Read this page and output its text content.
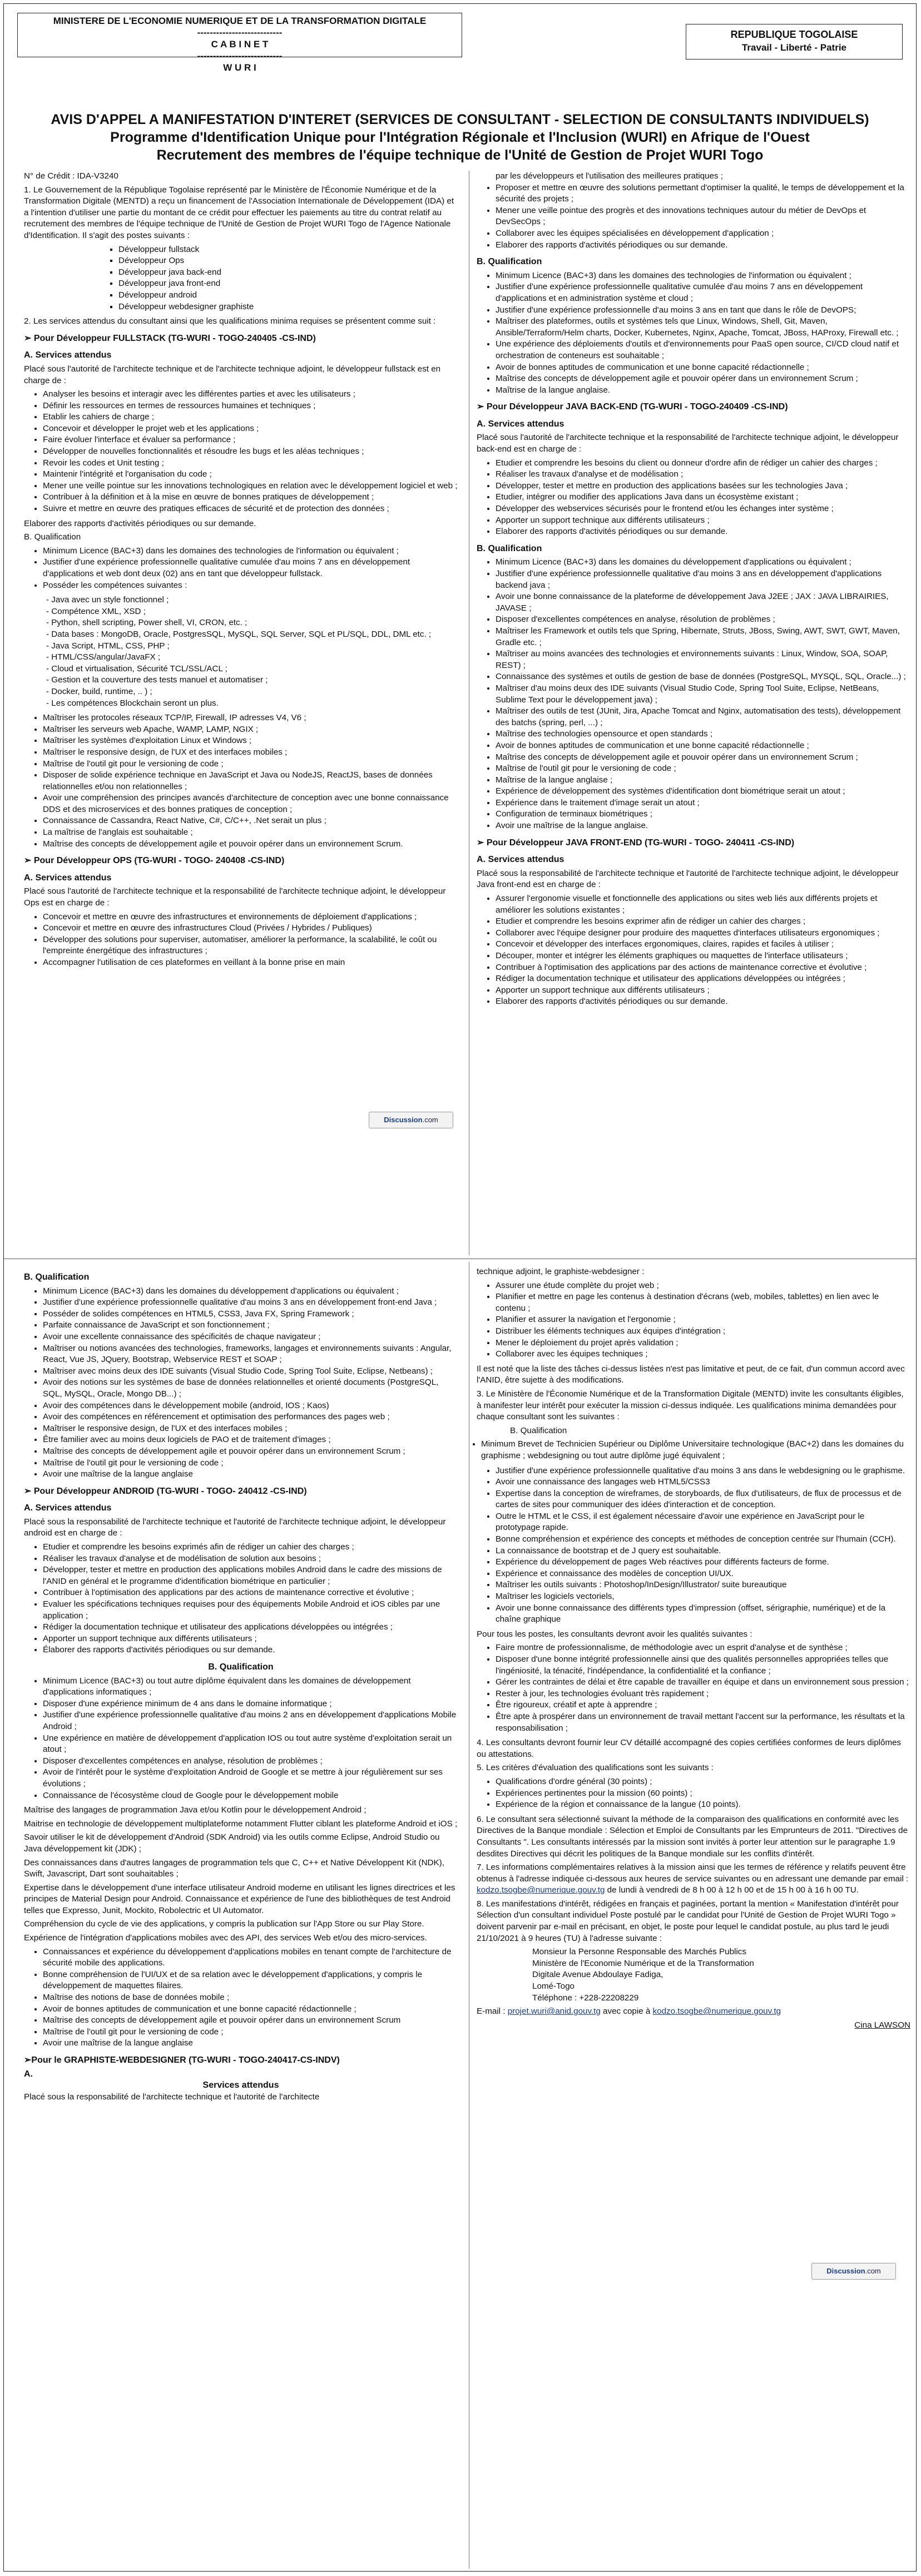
MINISTERE DE L'ECONOMIE NUMERIQUE ET DE LA TRANSFORMATION DIGITALE
---------------------------
C A B I N E T
---------------------------
W U R I
REPUBLIQUE TOGOLAISE
Travail - Liberté - Patrie
AVIS D'APPEL A MANIFESTATION D'INTERET (SERVICES DE CONSULTANT - SELECTION DE CONSULTANTS INDIVIDUELS)
Programme d'Identification Unique pour l'Intégration Régionale et l'Inclusion (WURI) en Afrique de l'Ouest
Recrutement des membres de l'équipe technique de l'Unité de Gestion de Projet WURI Togo

N° de Crédit : IDA-V3240

1. Le Gouvernement de la République Togolaise représenté par le Ministère de l'Économie Numérique et de la Transformation Digitale (MENTD) a reçu un financement de l'Association Internationale de Développement (IDA) et a l'intention d'utiliser une partie du montant de ce crédit pour effectuer les paiements au titre du contrat relatif au recrutement des membres de l'équipe technique de l'Unité de Gestion de Projet WURI Togo de l'Agence Nationale d'Identification. Il s'agit des postes suivants :

▪ Développeur fullstack
▪ Développeur Ops
▪ Développeur java back-end
▪ Développeur java front-end
▪ Développeur android
▪ Développeur webdesigner graphiste

2. Les services attendus du consultant ainsi que les qualifications minima requises se présentent comme suit :

➢ Pour Développeur FULLSTACK (TG-WURI - TOGO-240405 -CS-IND)
A. Services attendus

Placé sous l'autorité de l'architecte technique et de l'architecte technique adjoint, le développeur fullstack est en charge de :

• Analyser les besoins et interagir avec les différentes parties et avec les utilisateurs ;
• Définir les ressources en termes de ressources humaines et techniques ;
• Etablir les cahiers de charge ;
• Concevoir et développer le projet web et les applications ;
• Faire évoluer l'interface et évaluer sa performance ;
• Développer de nouvelles fonctionnalités et résoudre les bugs et les aléas techniques ;
• Revoir les codes et Unit testing ;
• Maintenir l'intégrité et l'organisation du code ;
• Mener une veille pointue sur les innovations technologiques en relation avec le développement logiciel et web ;
• Contribuer à la définition et à la mise en œuvre de bonnes pratiques de développement ;
• Suivre et mettre en œuvre des pratiques efficaces de sécurité et de protection des données ;

Elaborer des rapports d'activités périodiques ou sur demande.

B. Qualification

• Minimum Licence (BAC+3) dans les domaines des technologies de l'information ou équivalent ;
• Justifier d'une expérience professionnelle qualitative cumulée d'au moins 7 ans en développement d'applications et web dont deux (02) ans en tant que développeur fullstack.
• Posséder les compétences suivantes :
- Java avec un style fonctionnel ;
- Compétence XML, XSD ;
- Python, shell scripting, Power shell, VI, CRON, etc. ;
- Data bases : MongoDB, Oracle, PostgresSQL, MySQL, SQL Server, SQL et PL/SQL, DDL, DML etc. ;
- Java Script, HTML, CSS, PHP ;
- HTML/CSS/angular/JavaFX ;
- Cloud et virtualisation, Sécurité TCL/SSL/ACL ;
- Gestion et la couverture des tests manuel et automatiser ;
- Docker, build, runtime, .. ) ;
- Les compétences Blockchain seront un plus.
• Maîtriser les protocoles réseaux TCP/IP, Firewall, IP adresses V4, V6 ;
• Maîtriser les serveurs web Apache, WAMP, LAMP, NGIX ;
• Maîtriser les systèmes d'exploitation Linux et Windows ;
• Maîtriser le responsive design, de l'UX et des interfaces mobiles ;
• Maîtrise de l'outil git pour le versioning de code ;
• Disposer de solide expérience technique en JavaScript et Java ou NodeJS, ReactJS, bases de données relationnelles et/ou non relationnelles ;
• Avoir une compréhension des principes avancés d'architecture de conception avec une bonne connaissance DDS et des microservices et des bonnes pratiques de conception ;
• Connaissance de Cassandra, React Native, C#, C/C++, .Net serait un plus ;
• La maîtrise de l'anglais est souhaitable ;
• Maîtrise des concepts de développement agile et pouvoir opérer dans un environnement Scrum.
➢ Pour Développeur OPS (TG-WURI - TOGO- 240408 -CS-IND)
A. Services attendus

Placé sous l'autorité de l'architecte technique et la responsabilité de l'architecte technique adjoint, le développeur Ops est en charge de :

• Concevoir et mettre en œuvre des infrastructures et environnements de déploiement d'applications ;
• Concevoir et mettre en œuvre des infrastructures Cloud (Privées / Hybrides / Publiques)
• Développer des solutions pour superviser, automatiser, améliorer la performance, la scalabilité, le coût ou l'empreinte énergétique des infrastructures ;
• Accompagner l'utilisation de ces plateformes en veillant à la bonne prise en main
Discussion.com
par les développeurs et l'utilisation des meilleures pratiques ;
• Proposer et mettre en œuvre des solutions permettant d'optimiser la qualité, le temps de développement et la sécurité des projets ;
• Mener une veille pointue des progrès et des innovations techniques autour du métier de DevOps et DevSecOps ;
• Collaborer avec les équipes spécialisées en développement d'application ;
• Elaborer des rapports d'activités périodiques ou sur demande.
B. Qualification
• Minimum Licence (BAC+3) dans les domaines des technologies de l'information ou équivalent ;
• Justifier d'une expérience professionnelle qualitative cumulée d'au moins 7 ans en développement d'applications et en administration système et cloud ;
• Justifier d'une expérience professionnelle d'au moins 3 ans en tant que dans le rôle de DevOPS;
• Maîtriser des plateformes, outils et systèmes tels que Linux, Windows, Shell, Git, Maven, Ansible/Terraform/Helm charts, Docker, Kubernetes, Nginx, Apache, Tomcat, JBoss, HAProxy, Firewall etc. ;
• Une expérience des déploiements d'outils et d'environnements pour PaaS open source, CI/CD cloud natif et orchestration de conteneurs est souhaitable ;
• Avoir de bonnes aptitudes de communication et une bonne capacité rédactionnelle ;
• Maîtrise des concepts de développement agile et pouvoir opérer dans un environnement Scrum ;
• Maîtrise de la langue anglaise.
➢ Pour Développeur JAVA BACK-END (TG-WURI - TOGO-240409 -CS-IND)
A. Services attendus

Placé sous l'autorité de l'architecte technique et la responsabilité de l'architecte technique adjoint, le développeur back-end est en charge de :

• Etudier et comprendre les besoins du client ou donneur d'ordre afin de rédiger un cahier des charges ;
• Réaliser les travaux d'analyse et de modélisation ;
• Développer, tester et mettre en production des applications basées sur les technologies Java ;
• Etudier, intégrer ou modifier des applications Java dans un écosystème existant ;
• Développer des webservices sécurisés pour le frontend et/ou les échanges inter système ;
• Apporter un support technique aux différents utilisateurs ;
• Elaborer des rapports d'activités périodiques ou sur demande.
B. Qualification
• Minimum Licence (BAC+3) dans les domaines du développement d'applications ou équivalent ;
• Justifier d'une expérience professionnelle qualitative d'au moins 3 ans en développement d'applications backend java ;
• Avoir une bonne connaissance de la plateforme de développement Java J2EE ; JAX : JAVA LIBRAIRIES, JAVASE ;
• Disposer d'excellentes compétences en analyse, résolution de problèmes ;
• Maîtriser les Framework et outils tels que Spring, Hibernate, Struts, JBoss, Swing, AWT, SWT, GWT, Maven, Gradle etc. ;
• Maîtriser au moins avancées des technologies et environnements suivants : Linux, Window, SOA, SOAP, REST) ;
• Connaissance des systèmes et outils de gestion de base de données (PostgreSQL, MYSQL, SQL, Oracle...) ;
• Maîtriser d'au moins deux des IDE suivants (Visual Studio Code, Spring Tool Suite, Eclipse, NetBeans, Sublime Text pour le développement java) ;
• Maîtriser des outils de test (JUnit, Jira, Apache Tomcat and Nginx, automatisation des tests), développement des batchs (spring, perl, ...) ;
• Maîtrise des technologies opensource et open standards ;
• Avoir de bonnes aptitudes de communication et une bonne capacité rédactionnelle ;
• Maîtrise des concepts de développement agile et pouvoir opérer dans un environnement Scrum ;
• Maîtrise de l'outil git pour le versioning de code ;
• Maîtrise de la langue anglaise ;
• Expérience de développement des systèmes d'identification dont biométrique serait un atout ;
• Expérience dans le traitement d'image serait un atout ;
• Configuration de terminaux biométriques ;
• Avoir une maîtrise de la langue anglaise.
➢ Pour Développeur JAVA FRONT-END (TG-WURI - TOGO- 240411 -CS-IND)
A. Services attendus

Placé sous la responsabilité de l'architecte technique et l'autorité de l'architecte technique adjoint, le développeur Java front-end est en charge de :

• Assurer l'ergonomie visuelle et fonctionnelle des applications ou sites web liés aux différents projets et améliorer les solutions existantes ;
• Etudier et comprendre les besoins exprimer afin de rédiger un cahier des charges ;
• Collaborer avec l'équipe designer pour produire des maquettes d'interfaces utilisateurs ergonomiques ;
• Concevoir et développer des interfaces ergonomiques, claires, rapides et faciles à utiliser ;
• Découper, monter et intégrer les éléments graphiques ou maquettes de l'interface utilisateurs ;
• Contribuer à l'optimisation des applications par des actions de maintenance corrective et évolutive ;
• Rédiger la documentation technique et utilisateur des applications développées ou intégrées ;
• Apporter un support technique aux différents utilisateurs ;
• Elaborer des rapports d'activités périodiques ou sur demande.
B. Qualification
• Minimum Licence (BAC+3) dans les domaines du développement d'applications ou équivalent ;
• Justifier d'une expérience professionnelle qualitative d'au moins 3 ans en développement front-end Java ;
• Posséder de solides compétences en HTML5, CSS3, Java FX, Spring Framework ;
• Parfaite connaissance de JavaScript et son fonctionnement ;
• Avoir une excellente connaissance des spécificités de chaque navigateur ;
• Maîtriser ou notions avancées des technologies, frameworks, langages et environnements suivants : Angular, React, Vue JS, JQuery, Bootstrap, Webservice REST et SOAP ;
• Maîtriser avec moins deux des IDE suivants (Visual Studio Code, Spring Tool Suite, Eclipse, Netbeans) ;
• Avoir des notions sur les systèmes de base de données relationnelles et orienté documents (PostgreSQL, SQL, MySQL, Oracle, Mongo DB...) ;
• Avoir des compétences dans le développement mobile (android, IOS ; Kaos)
• Avoir des compétences en référencement et optimisation des performances des pages web ;
• Maîtriser le responsive design, de l'UX et des interfaces mobiles ;
• Être familier avec au moins deux logiciels de PAO et de traitement d'images ;
• Maîtrise des concepts de développement agile et pouvoir opérer dans un environnement Scrum ;
• Maîtrise de l'outil git pour le versioning de code ;
• Avoir une maîtrise de la langue anglaise
➢ Pour Développeur ANDROID (TG-WURI - TOGO- 240412 -CS-IND)
A. Services attendus

Placé sous la responsabilité de l'architecte technique et l'autorité de l'architecte technique adjoint, le développeur android est en charge de :

• Etudier et comprendre les besoins exprimés afin de rédiger un cahier des charges ;
• Réaliser les travaux d'analyse et de modélisation de solution aux besoins ;
• Développer, tester et mettre en production des applications mobiles Android dans le cadre des missions de l'ANID en général et le programme d'identification biométrique en particulier ;
• Contribuer à l'optimisation des applications par des actions de maintenance corrective et évolutive ;
• Evaluer les spécifications techniques requises pour des équipements Mobile Android et iOS cibles par une application ;
• Rédiger la documentation technique et utilisateur des applications développées ou intégrées ;
• Apporter un support technique aux différents utilisateurs ;
• Élaborer des rapports d'activités périodiques ou sur demande.
B. Qualification
• Minimum Licence (BAC+3) ou tout autre diplôme équivalent dans les domaines de développement d'applications informatiques ;
• Disposer d'une expérience minimum de 4 ans dans le domaine informatique ;
• Justifier d'une expérience professionnelle qualitative d'au moins 2 ans en développement d'applications Mobile Android ;
• Une expérience en matière de développement d'application IOS ou tout autre système d'exploitation serait un atout ;
• Disposer d'excellentes compétences en analyse, résolution de problèmes ;
• Avoir de l'intérêt pour le système d'exploitation Android de Google et se mettre à jour régulièrement sur ses évolutions ;
• Connaissance de l'écosystème cloud de Google pour le développement mobile

Maîtrise des langages de programmation Java et/ou Kotlin pour le développement Android ;

Maitrise en technologie de développement multiplateforme notamment Flutter ciblant les plateforme Android et iOS ;

Savoir utiliser le kit de développement d'Android (SDK Android) via les outils comme Eclipse, Android Studio ou Java développement kit (JDK) ;

Des connaissances dans d'autres langages de programmation tels que C, C++ et Native Développent Kit (NDK), Swift, Javascript, Dart sont souhaitables ;

Expertise dans le développement d'une interface utilisateur Android moderne en utilisant les lignes directrices et les principes de Material Design pour Android. Connaissance et expérience de l'une des bibliothèques de test Android telles que Expresso, Junit, Mockito, Robolectric et UI Automator.

Compréhension du cycle de vie des applications, y compris la publication sur l'App Store ou sur Play Store.

Expérience de l'intégration d'applications mobiles avec des API, des services Web et/ou des micro-services.

• Connaissances et expérience du développement d'applications mobiles en tenant compte de l'architecture de sécurité mobile des applications.
• Bonne compréhension de l'UI/UX et de sa relation avec le développement d'applications, y compris le développement de maquettes filaires.
• Maîtrise des notions de base de données mobile ;
• Avoir de bonnes aptitudes de communication et une bonne capacité rédactionnelle ;
• Maîtrise des concepts de développement agile et pouvoir opérer dans un environnement Scrum
• Maîtrise de l'outil git pour le versioning de code ;
• Avoir une maîtrise de la langue anglaise
➢Pour le GRAPHISTE-WEBDESIGNER (TG-WURI - TOGO-240417-CS-INDV)
A.
Services attendus

Placé sous la responsabilité de l'architecte technique et l'autorité de l'architecte

Discussion.com

technique adjoint, le graphiste-webdesigner :

• Assurer une étude complète du projet web ;
• Planifier et mettre en page les contenus à destination d'écrans (web, mobiles, tablettes) en lien avec le contenu ;
• Planifier et assurer la navigation et l'ergonomie ;
• Distribuer les éléments techniques aux équipes d'intégration ;
• Mener le déploiement du projet après validation ;
• Collaborer avec les équipes techniques ;

Il est noté que la liste des tâches ci-dessus listées n'est pas limitative et peut, de ce fait, d'un commun accord avec l'ANID, être sujette à des modifications.

3. Le Ministère de l'Économie Numérique et de la Transformation Digitale (MENTD) invite les consultants éligibles, à manifester leur intérêt pour exécuter la mission ci-dessus indiquée. Les qualifications minima demandées pour chaque consultant sont les suivantes :

B. Qualification

• Minimum Brevet de Technicien Supérieur ou Diplôme Universitaire technologique (BAC+2) dans les domaines du graphisme ; webdesigning ou tout autre diplôme jugé équivalent ;
• Justifier d'une expérience professionnelle qualitative d'au moins 3 ans dans le webdesigning ou le graphisme.
• Avoir une connaissance des langages web HTML5/CSS3
• Expertise dans la conception de wireframes, de storyboards, de flux d'utilisateurs, de flux de processus et de cartes de sites pour communiquer des idées d'interaction et de conception.
• Outre le HTML et le CSS, il est également nécessaire d'avoir une expérience en JavaScript pour le prototypage rapide.
• Bonne compréhension et expérience des concepts et méthodes de conception centrée sur l'humain (CCH).
• La connaissance de bootstrap et de J query est souhaitable.
• Expérience du développement de pages Web réactives pour différents facteurs de forme.
• Expérience et connaissance des modèles de conception UI/UX.
• Maîtriser les outils suivants : Photoshop/InDesign/Illustrator/ suite bureautique
• Maîtriser les logiciels vectoriels,
• Avoir une bonne connaissance des différents types d'impression (offset, sérigraphie, numérique) et de la chaîne graphique

Pour tous les postes, les consultants devront avoir les qualités suivantes :

• Faire montre de professionnalisme, de méthodologie avec un esprit d'analyse et de synthèse ;
• Disposer d'une bonne intégrité professionnelle ainsi que des qualités personnelles appropriées telles que l'ingéniosité, la ténacité, l'indépendance, la confidentialité et la confiance ;
• Gérer les contraintes de délai et être capable de travailler en équipe et dans un environnement sous pression ;
• Rester à jour, les technologies évoluant très rapidement ;
• Être rigoureux, créatif et apte à apprendre ;
• Être apte à prospérer dans un environnement de travail mettant l'accent sur la performance, les résultats et la responsabilisation ;

4. Les consultants devront fournir leur CV détaillé accompagné des copies certifiées conformes de leurs diplômes ou attestations.

5. Les critères d'évaluation des qualifications sont les suivants :

• Qualifications d'ordre général (30 points) ;
• Expériences pertinentes pour la mission (60 points) ;
• Expérience de la région et connaissance de la langue (10 points).

6. Le consultant sera sélectionné suivant la méthode de la comparaison des qualifications en conformité avec les Directives de la Banque mondiale : Sélection et Emploi de Consultants par les Emprunteurs de 2011. "Directives de Consultants ". Les consultants intéressés par la mission sont invités à porter leur attention sur le paragraphe 1.9 desdites Directives qui décrit les politiques de la Banque mondiale sur les conflits d'intérêt.

7. Les informations complémentaires relatives à la mission ainsi que les termes de référence y relatifs peuvent être obtenus à l'adresse indiquée ci-dessous aux heures de service suivantes ou en adressant une demande par email : kodzo.tsogbe@numerique.gouv.tg de lundi à vendredi de 8 h 00 à 12 h 00 et de 15 h 00 à 16 h 00 TU.

8. Les manifestations d'intérêt, rédigées en français et paginées, portant la mention « Manifestation d'intérêt pour Sélection d'un consultant individuel Poste postulé par le candidat pour l'Unité de Gestion de Projet WURI Togo » doivent parvenir par e-mail en précisant, en objet, le poste pour lequel le candidat postule, au plus tard le jeudi 21/10/2021 à 9 heures (TU) à l'adresse suivante :

Monsieur la Personne Responsable des Marchés Publics
Ministère de l'Economie Numérique et de la Transformation
Digitale Avenue Abdoulaye Fadiga,
Lomé-Togo
Téléphone : +228-22208229

E-mail : projet.wuri@anid.gouv.tg avec copie à kodzo.tsogbe@numerique.gouv.tg

Cina LAWSON
